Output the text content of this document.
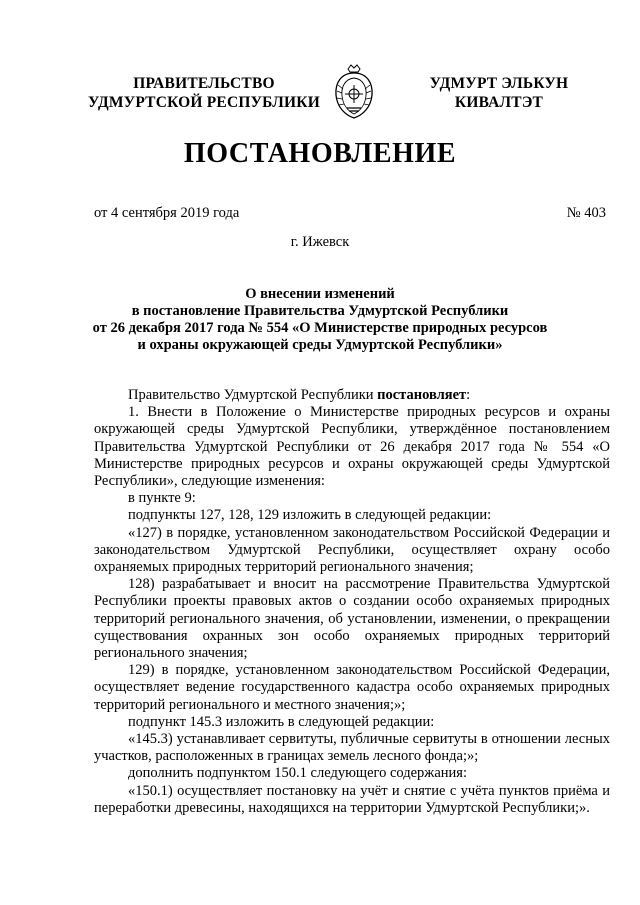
ПРАВИТЕЛЬСТВО
УДМУРТСКОЙ РЕСПУБЛИКИ
УДМУРТ ЭЛЬКУН
КИВАЛТЭТ
ПОСТАНОВЛЕНИЕ
от 4 сентября 2019 года	№ 403
г. Ижевск
О внесении изменений
в постановление Правительства Удмуртской Республики
от 26 декабря 2017 года № 554 «О Министерстве природных ресурсов
и охраны окружающей среды Удмуртской Республики»

Правительство Удмуртской Республики постановляет:

1. Внести в Положение о Министерстве природных ресурсов и охраны окружающей среды Удмуртской Республики, утверждённое постановлением Правительства Удмуртской Республики от 26 декабря 2017 года № 554 «О Министерстве природных ресурсов и охраны окружающей среды Удмуртской Республики», следующие изменения:

в пункте 9:

подпункты 127, 128, 129 изложить в следующей редакции:

«127) в порядке, установленном законодательством Российской Федерации и законодательством Удмуртской Республики, осуществляет охрану особо охраняемых природных территорий регионального значения;

128) разрабатывает и вносит на рассмотрение Правительства Удмуртской Республики проекты правовых актов о создании особо охраняемых природных территорий регионального значения, об установлении, изменении, о прекращении существования охранных зон особо охраняемых природных территорий регионального значения;

129) в порядке, установленном законодательством Российской Федерации, осуществляет ведение государственного кадастра особо охраняемых природных территорий регионального и местного значения;»;

подпункт 145.3 изложить в следующей редакции:

«145.3) устанавливает сервитуты, публичные сервитуты в отношении лесных участков, расположенных в границах земель лесного фонда;»;

дополнить подпунктом 150.1 следующего содержания:

«150.1) осуществляет постановку на учёт и снятие с учёта пунктов приёма и переработки древесины, находящихся на территории Удмуртской Республики;».
